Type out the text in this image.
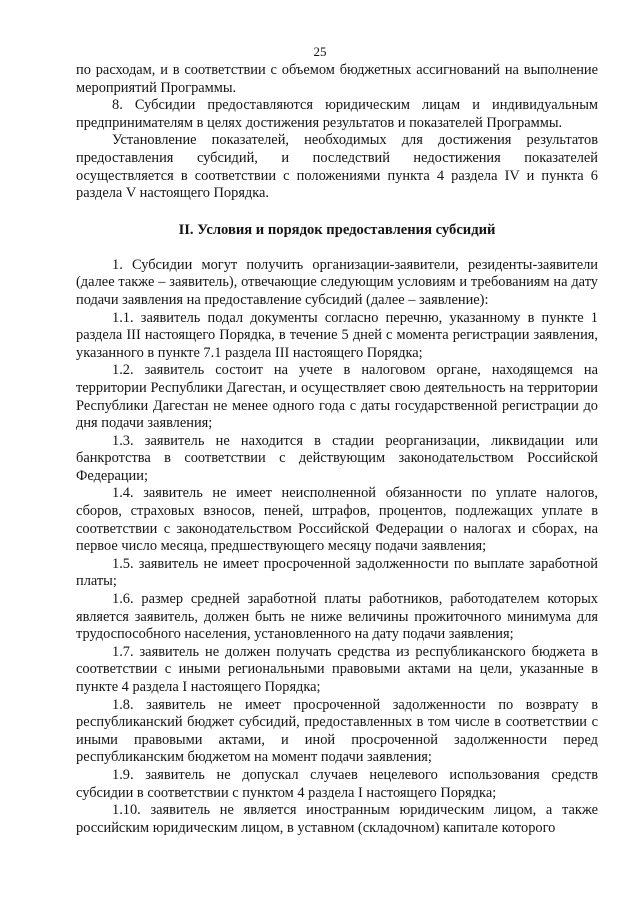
25

по расходам, и в соответствии с объемом бюджетных ассигнований на выполнение мероприятий Программы.

8. Субсидии предоставляются юридическим лицам и индивидуальным предпринимателям в целях достижения результатов и показателей Программы.

Установление показателей, необходимых для достижения результатов предоставления субсидий, и последствий недостижения показателей осуществляется в соответствии с положениями пункта 4 раздела IV и пункта 6 раздела V настоящего Порядка.

II. Условия и порядок предоставления субсидий

1. Субсидии могут получить организации-заявители, резиденты-заявители (далее также – заявитель), отвечающие следующим условиям и требованиям на дату подачи заявления на предоставление субсидий (далее – заявление):

1.1. заявитель подал документы согласно перечню, указанному в пункте 1 раздела III настоящего Порядка, в течение 5 дней с момента регистрации заявления, указанного в пункте 7.1 раздела III настоящего Порядка;

1.2. заявитель состоит на учете в налоговом органе, находящемся на территории Республики Дагестан, и осуществляет свою деятельность на территории Республики Дагестан не менее одного года с даты государственной регистрации до дня подачи заявления;

1.3. заявитель не находится в стадии реорганизации, ликвидации или банкротства в соответствии с действующим законодательством Российской Федерации;

1.4. заявитель не имеет неисполненной обязанности по уплате налогов, сборов, страховых взносов, пеней, штрафов, процентов, подлежащих уплате в соответствии с законодательством Российской Федерации о налогах и сборах, на первое число месяца, предшествующего месяцу подачи заявления;

1.5. заявитель не имеет просроченной задолженности по выплате заработной платы;

1.6. размер средней заработной платы работников, работодателем которых является заявитель, должен быть не ниже величины прожиточного минимума для трудоспособного населения, установленного на дату подачи заявления;

1.7. заявитель не должен получать средства из республиканского бюджета в соответствии с иными региональными правовыми актами на цели, указанные в пункте 4 раздела I настоящего Порядка;

1.8. заявитель не имеет просроченной задолженности по возврату в республиканский бюджет субсидий, предоставленных в том числе в соответствии с иными правовыми актами, и иной просроченной задолженности перед республиканским бюджетом на момент подачи заявления;

1.9. заявитель не допускал случаев нецелевого использования средств субсидии в соответствии с пунктом 4 раздела I настоящего Порядка;

1.10. заявитель не является иностранным юридическим лицом, а также российским юридическим лицом, в уставном (складочном) капитале которого
